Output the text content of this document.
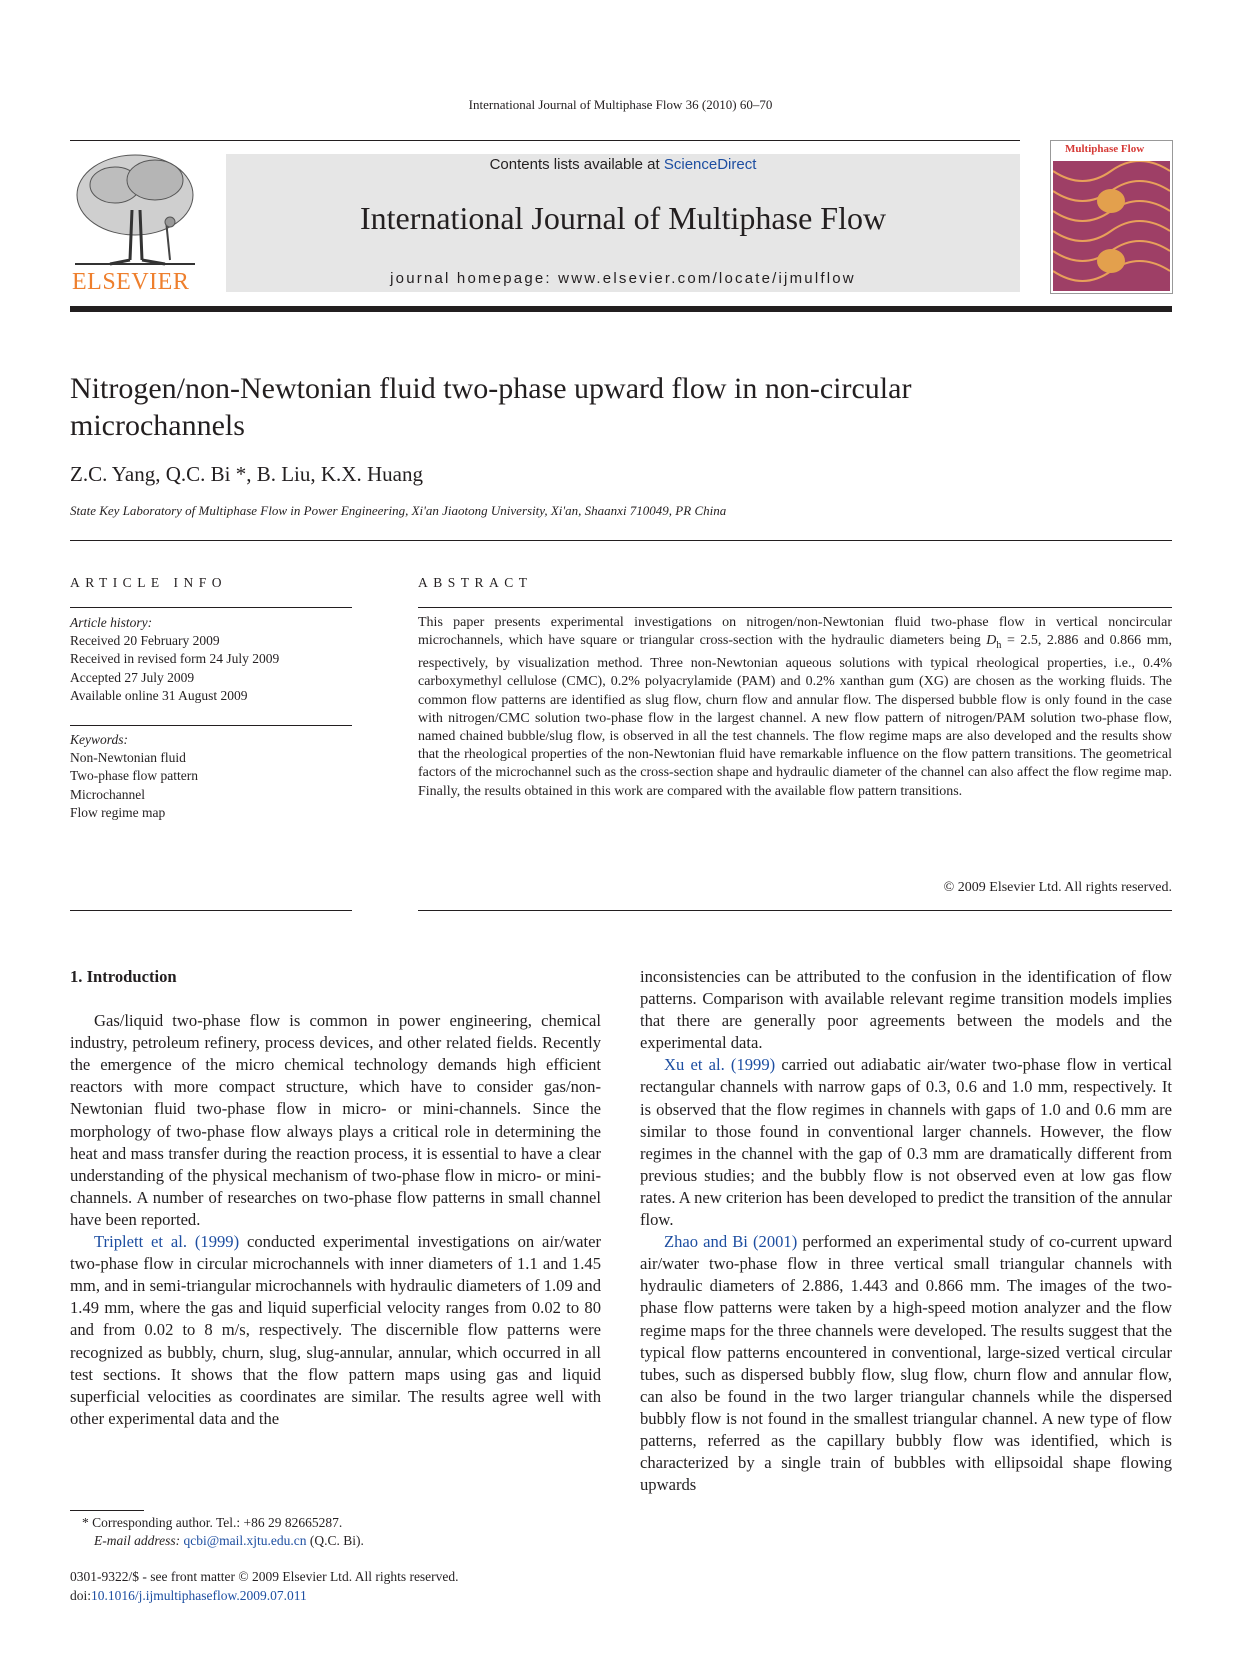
International Journal of Multiphase Flow 36 (2010) 60–70
ELSEVIER
Contents lists available at ScienceDirect
International Journal of Multiphase Flow
journal homepage: www.elsevier.com/locate/ijmulflow
Multiphase Flow
Nitrogen/non-Newtonian fluid two-phase upward flow in non-circular microchannels
Z.C. Yang, Q.C. Bi *, B. Liu, K.X. Huang
State Key Laboratory of Multiphase Flow in Power Engineering, Xi'an Jiaotong University, Xi'an, Shaanxi 710049, PR China
ARTICLE INFO	ABSTRACT
Article history:
Received 20 February 2009
Received in revised form 24 July 2009
Accepted 27 July 2009
Available online 31 August 2009
Keywords:
Non-Newtonian fluid
Two-phase flow pattern
Microchannel
Flow regime map
This paper presents experimental investigations on nitrogen/non-Newtonian fluid two-phase flow in vertical noncircular microchannels, which have square or triangular cross-section with the hydraulic diameters being $D_h = 2.5$, 2.886 and 0.866 mm, respectively, by visualization method. Three non-Newtonian aqueous solutions with typical rheological properties, i.e., 0.4% carboxymethyl cellulose (CMC), 0.2% polyacrylamide (PAM) and 0.2% xanthan gum (XG) are chosen as the working fluids. The common flow patterns are identified as slug flow, churn flow and annular flow. The dispersed bubble flow is only found in the case with nitrogen/CMC solution two-phase flow in the largest channel. A new flow pattern of nitrogen/PAM solution two-phase flow, named chained bubble/slug flow, is observed in all the test channels. The flow regime maps are also developed and the results show that the rheological properties of the non-Newtonian fluid have remarkable influence on the flow pattern transitions. The geometrical factors of the microchannel such as the cross-section shape and hydraulic diameter of the channel can also affect the flow regime map. Finally, the results obtained in this work are compared with the available flow pattern transitions.
© 2009 Elsevier Ltd. All rights reserved.
1. Introduction

Gas/liquid two-phase flow is common in power engineering, chemical industry, petroleum refinery, process devices, and other related fields. Recently the emergence of the micro chemical technology demands high efficient reactors with more compact structure, which have to consider gas/non-Newtonian fluid two-phase flow in micro- or mini-channels. Since the morphology of two-phase flow always plays a critical role in determining the heat and mass transfer during the reaction process, it is essential to have a clear understanding of the physical mechanism of two-phase flow in micro- or mini-channels. A number of researches on two-phase flow patterns in small channel have been reported.

Triplett et al. (1999) conducted experimental investigations on air/water two-phase flow in circular microchannels with inner diameters of 1.1 and 1.45 mm, and in semi-triangular microchannels with hydraulic diameters of 1.09 and 1.49 mm, where the gas and liquid superficial velocity ranges from 0.02 to 80 and from 0.02 to 8 m/s, respectively. The discernible flow patterns were recognized as bubbly, churn, slug, slug-annular, annular, which occurred in all test sections. It shows that the flow pattern maps using gas and liquid superficial velocities as coordinates are similar. The results agree well with other experimental data and the

inconsistencies can be attributed to the confusion in the identification of flow patterns. Comparison with available relevant regime transition models implies that there are generally poor agreements between the models and the experimental data.

Xu et al. (1999) carried out adiabatic air/water two-phase flow in vertical rectangular channels with narrow gaps of 0.3, 0.6 and 1.0 mm, respectively. It is observed that the flow regimes in channels with gaps of 1.0 and 0.6 mm are similar to those found in conventional larger channels. However, the flow regimes in the channel with the gap of 0.3 mm are dramatically different from previous studies; and the bubbly flow is not observed even at low gas flow rates. A new criterion has been developed to predict the transition of the annular flow.

Zhao and Bi (2001) performed an experimental study of co-current upward air/water two-phase flow in three vertical small triangular channels with hydraulic diameters of 2.886, 1.443 and 0.866 mm. The images of the two-phase flow patterns were taken by a high-speed motion analyzer and the flow regime maps for the three channels were developed. The results suggest that the typical flow patterns encountered in conventional, large-sized vertical circular tubes, such as dispersed bubbly flow, slug flow, churn flow and annular flow, can also be found in the two larger triangular channels while the dispersed bubbly flow is not found in the smallest triangular channel. A new type of flow patterns, referred as the capillary bubbly flow was identified, which is characterized by a single train of bubbles with ellipsoidal shape flowing upwards

* Corresponding author. Tel.: +86 29 82665287.
E-mail address: qcbi@mail.xjtu.edu.cn (Q.C. Bi).
0301-9322/$ - see front matter © 2009 Elsevier Ltd. All rights reserved.
doi:10.1016/j.ijmultiphaseflow.2009.07.011
